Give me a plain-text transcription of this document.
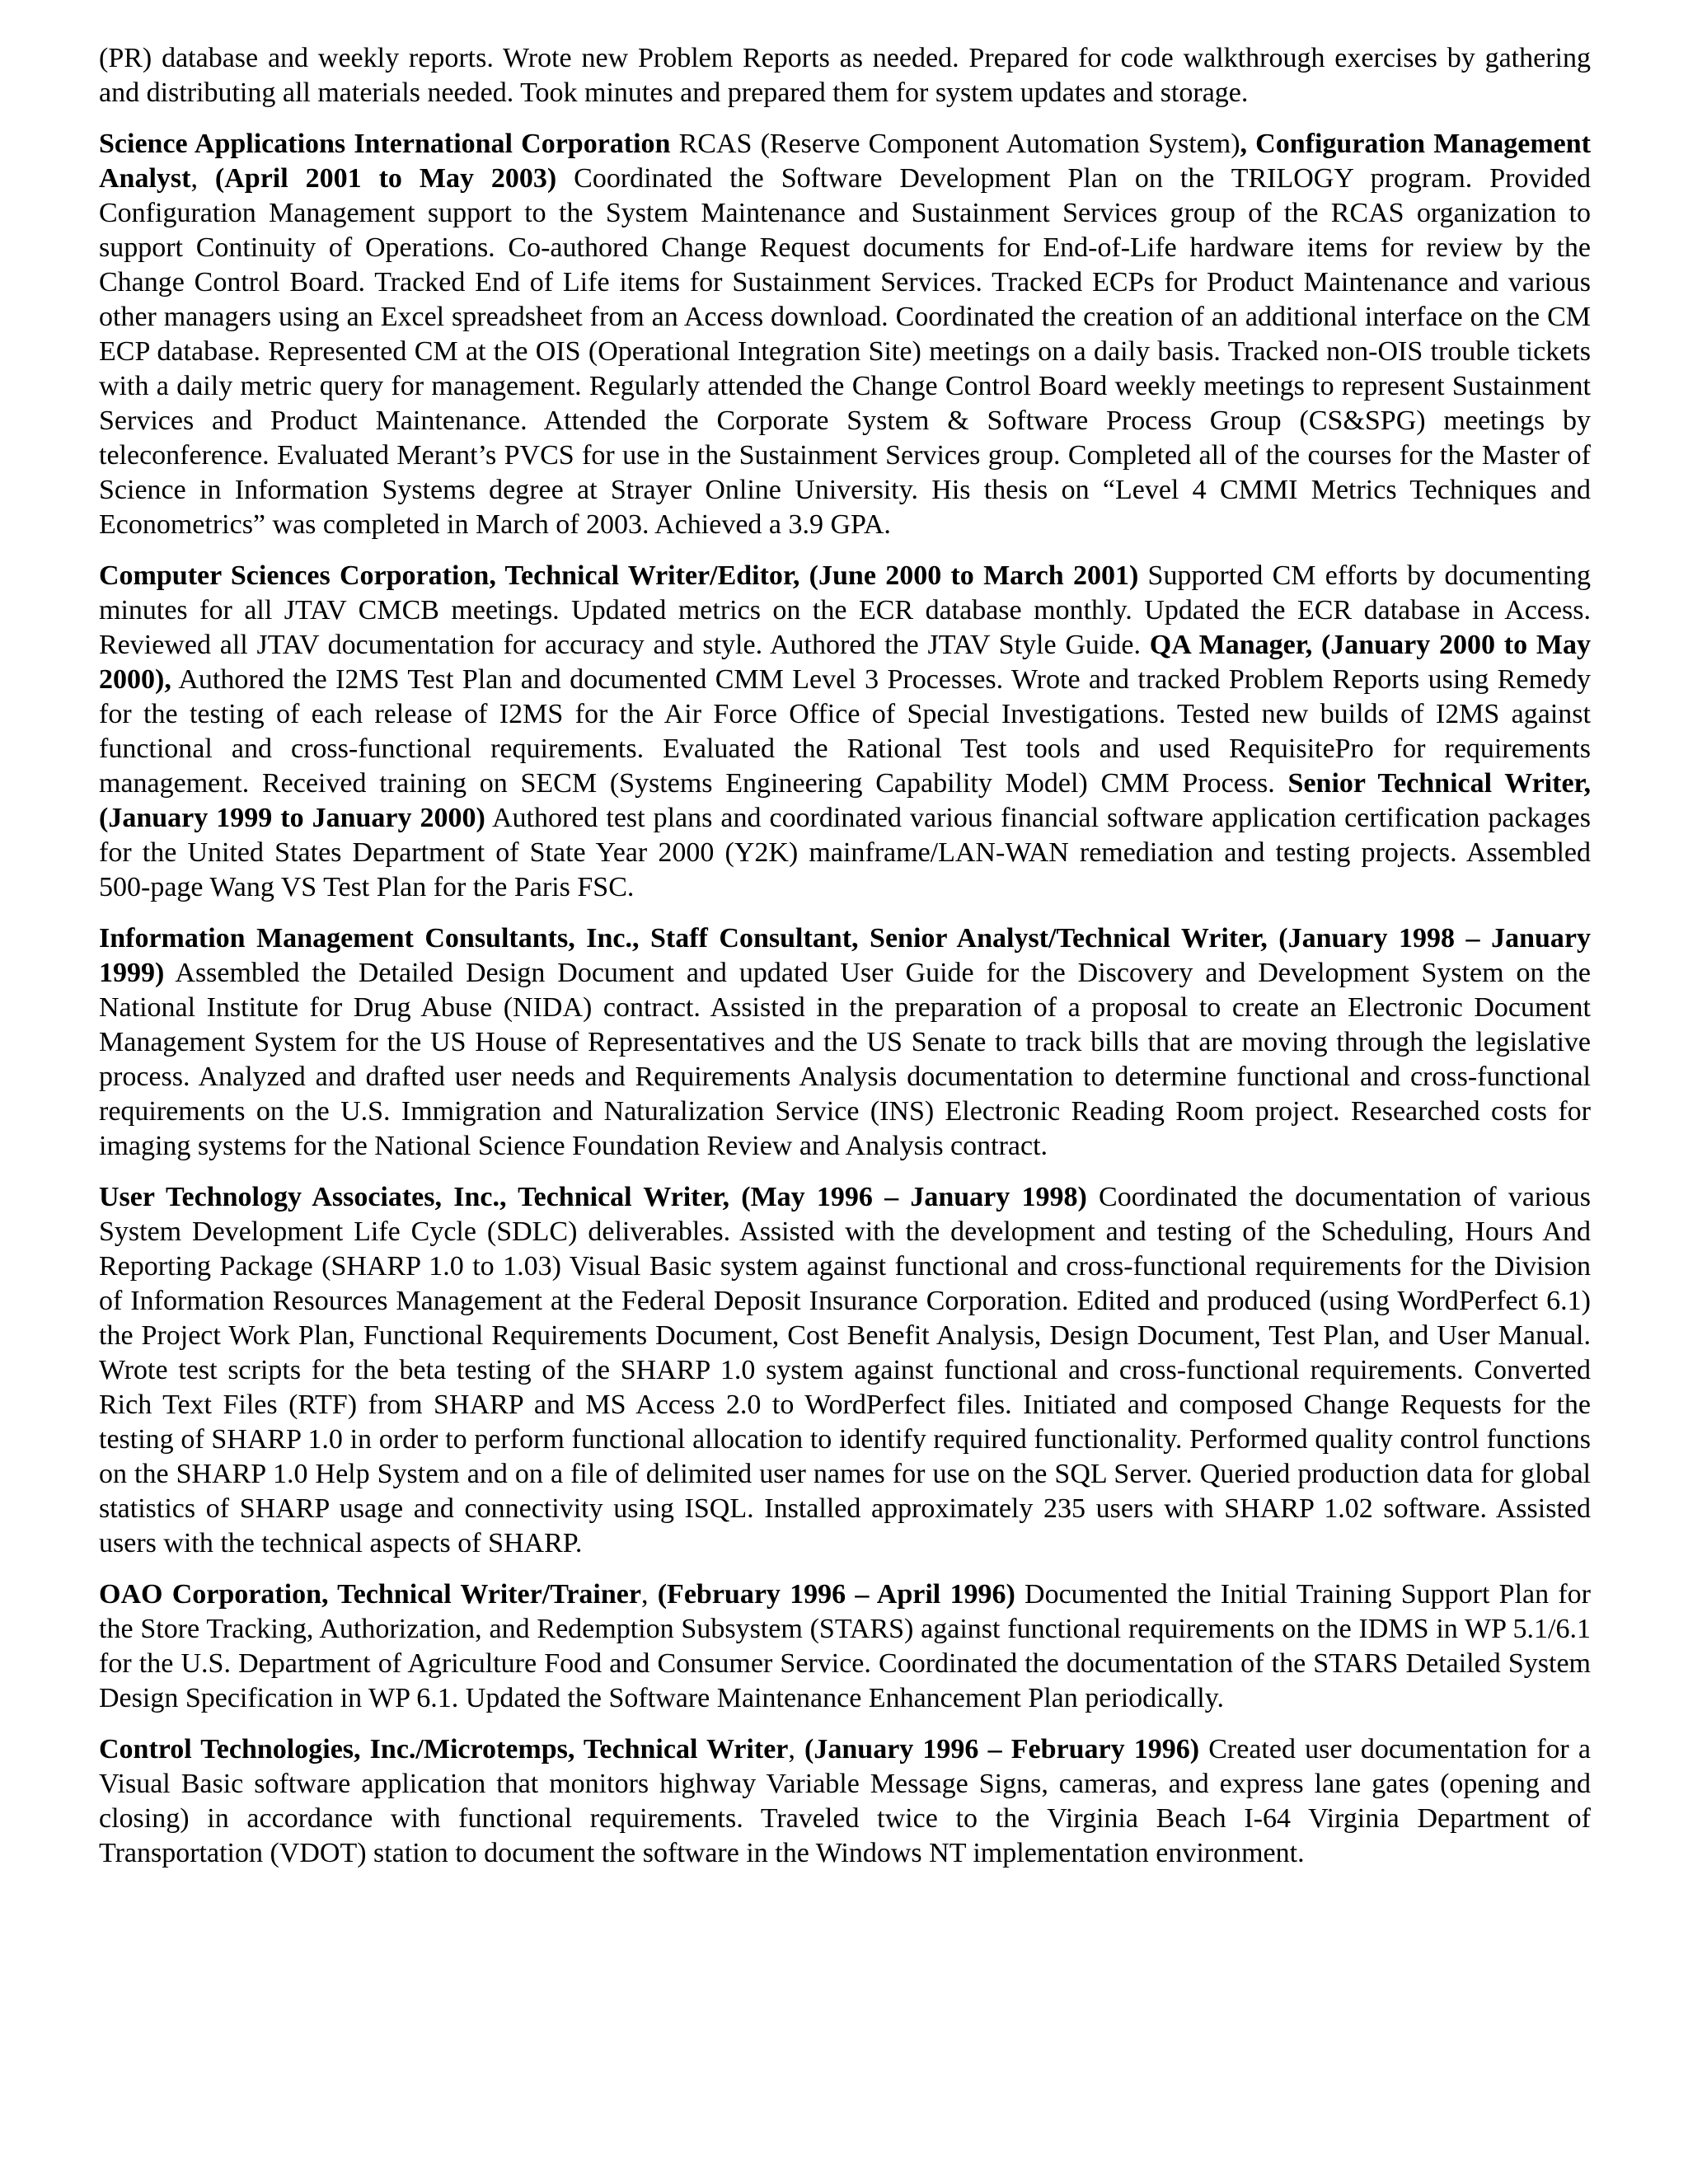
(PR) database and weekly reports. Wrote new Problem Reports as needed. Prepared for code walkthrough exercises by gathering and distributing all materials needed. Took minutes and prepared them for system updates and storage.

Science Applications International Corporation RCAS (Reserve Component Automation System), Configuration Management Analyst, (April 2001 to May 2003) Coordinated the Software Development Plan on the TRILOGY program. Provided Configuration Management support to the System Maintenance and Sustainment Services group of the RCAS organization to support Continuity of Operations. Co-authored Change Request documents for End-of-Life hardware items for review by the Change Control Board. Tracked End of Life items for Sustainment Services. Tracked ECPs for Product Maintenance and various other managers using an Excel spreadsheet from an Access download. Coordinated the creation of an additional interface on the CM ECP database. Represented CM at the OIS (Operational Integration Site) meetings on a daily basis. Tracked non-OIS trouble tickets with a daily metric query for management. Regularly attended the Change Control Board weekly meetings to represent Sustainment Services and Product Maintenance. Attended the Corporate System & Software Process Group (CS&SPG) meetings by teleconference. Evaluated Merant’s PVCS for use in the Sustainment Services group. Completed all of the courses for the Master of Science in Information Systems degree at Strayer Online University. His thesis on “Level 4 CMMI Metrics Techniques and Econometrics” was completed in March of 2003. Achieved a 3.9 GPA.

Computer Sciences Corporation, Technical Writer/Editor, (June 2000 to March 2001) Supported CM efforts by documenting minutes for all JTAV CMCB meetings. Updated metrics on the ECR database monthly. Updated the ECR database in Access. Reviewed all JTAV documentation for accuracy and style. Authored the JTAV Style Guide. QA Manager, (January 2000 to May 2000), Authored the I2MS Test Plan and documented CMM Level 3 Processes. Wrote and tracked Problem Reports using Remedy for the testing of each release of I2MS for the Air Force Office of Special Investigations. Tested new builds of I2MS against functional and cross-functional requirements. Evaluated the Rational Test tools and used RequisitePro for requirements management. Received training on SECM (Systems Engineering Capability Model) CMM Process. Senior Technical Writer, (January 1999 to January 2000) Authored test plans and coordinated various financial software application certification packages for the United States Department of State Year 2000 (Y2K) mainframe/LAN-WAN remediation and testing projects. Assembled 500-page Wang VS Test Plan for the Paris FSC.

Information Management Consultants, Inc., Staff Consultant, Senior Analyst/Technical Writer, (January 1998 – January 1999) Assembled the Detailed Design Document and updated User Guide for the Discovery and Development System on the National Institute for Drug Abuse (NIDA) contract. Assisted in the preparation of a proposal to create an Electronic Document Management System for the US House of Representatives and the US Senate to track bills that are moving through the legislative process. Analyzed and drafted user needs and Requirements Analysis documentation to determine functional and cross-functional requirements on the U.S. Immigration and Naturalization Service (INS) Electronic Reading Room project. Researched costs for imaging systems for the National Science Foundation Review and Analysis contract.

User Technology Associates, Inc., Technical Writer, (May 1996 – January 1998) Coordinated the documentation of various System Development Life Cycle (SDLC) deliverables. Assisted with the development and testing of the Scheduling, Hours And Reporting Package (SHARP 1.0 to 1.03) Visual Basic system against functional and cross-functional requirements for the Division of Information Resources Management at the Federal Deposit Insurance Corporation. Edited and produced (using WordPerfect 6.1) the Project Work Plan, Functional Requirements Document, Cost Benefit Analysis, Design Document, Test Plan, and User Manual. Wrote test scripts for the beta testing of the SHARP 1.0 system against functional and cross-functional requirements. Converted Rich Text Files (RTF) from SHARP and MS Access 2.0 to WordPerfect files. Initiated and composed Change Requests for the testing of SHARP 1.0 in order to perform functional allocation to identify required functionality. Performed quality control functions on the SHARP 1.0 Help System and on a file of delimited user names for use on the SQL Server. Queried production data for global statistics of SHARP usage and connectivity using ISQL. Installed approximately 235 users with SHARP 1.02 software. Assisted users with the technical aspects of SHARP.

OAO Corporation, Technical Writer/Trainer, (February 1996 – April 1996) Documented the Initial Training Support Plan for the Store Tracking, Authorization, and Redemption Subsystem (STARS) against functional requirements on the IDMS in WP 5.1/6.1 for the U.S. Department of Agriculture Food and Consumer Service. Coordinated the documentation of the STARS Detailed System Design Specification in WP 6.1. Updated the Software Maintenance Enhancement Plan periodically.

Control Technologies, Inc./Microtemps, Technical Writer, (January 1996 – February 1996) Created user documentation for a Visual Basic software application that monitors highway Variable Message Signs, cameras, and express lane gates (opening and closing) in accordance with functional requirements. Traveled twice to the Virginia Beach I-64 Virginia Department of Transportation (VDOT) station to document the software in the Windows NT implementation environment.
